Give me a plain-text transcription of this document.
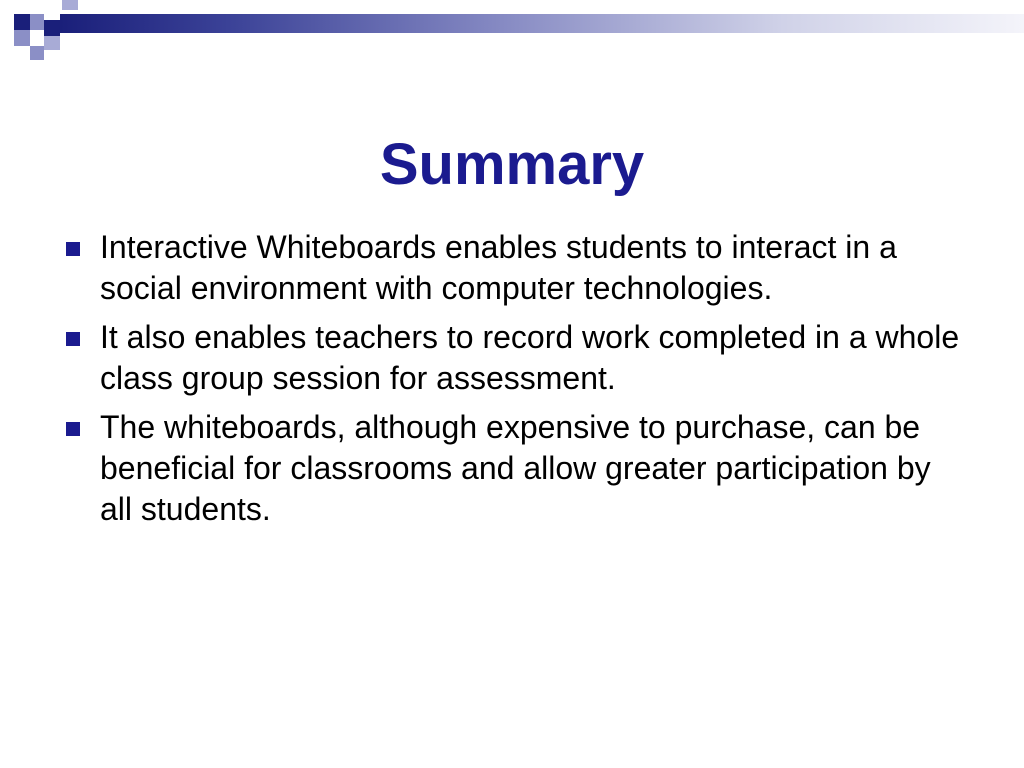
Summary
Interactive Whiteboards enables students to interact in a social environment with computer technologies.
It also enables teachers to record work completed in a whole class group session for assessment.
The whiteboards, although expensive to purchase, can be beneficial for classrooms and allow greater participation by all students.
